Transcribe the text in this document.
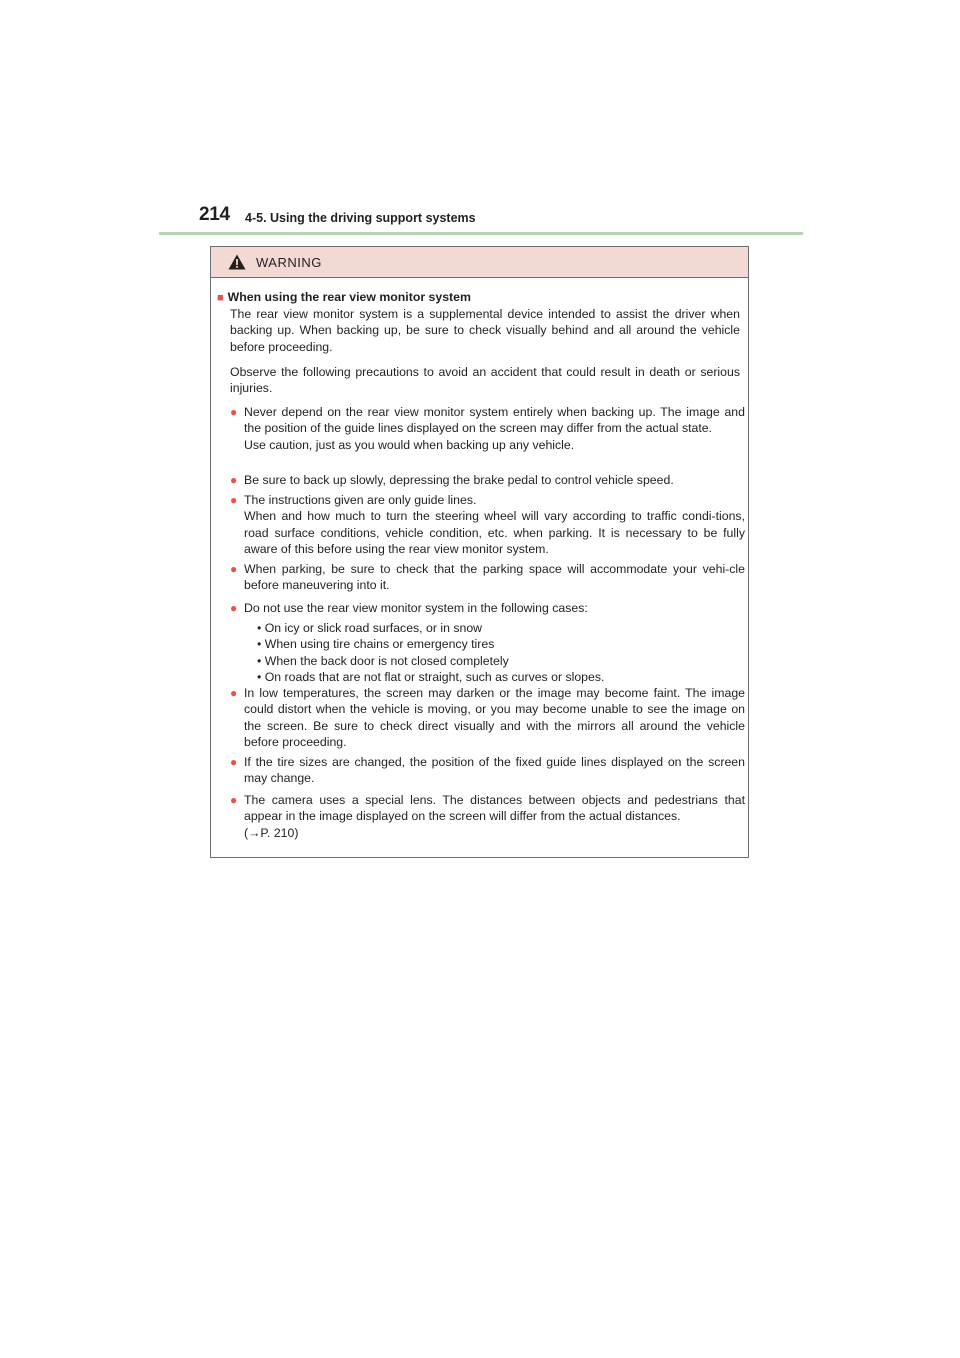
214 4-5. Using the driving support systems
WARNING
■ When using the rear view monitor system
The rear view monitor system is a supplemental device intended to assist the driver when backing up. When backing up, be sure to check visually behind and all around the vehicle before proceeding.
Observe the following precautions to avoid an accident that could result in death or serious injuries.
● Never depend on the rear view monitor system entirely when backing up. The image and the position of the guide lines displayed on the screen may differ from the actual state.
Use caution, just as you would when backing up any vehicle.
● Be sure to back up slowly, depressing the brake pedal to control vehicle speed.
● The instructions given are only guide lines.
When and how much to turn the steering wheel will vary according to traffic condi-tions, road surface conditions, vehicle condition, etc. when parking. It is necessary to be fully aware of this before using the rear view monitor system.
● When parking, be sure to check that the parking space will accommodate your vehi-cle before maneuvering into it.
● Do not use the rear view monitor system in the following cases:
• On icy or slick road surfaces, or in snow
• When using tire chains or emergency tires
• When the back door is not closed completely
• On roads that are not flat or straight, such as curves or slopes.
● In low temperatures, the screen may darken or the image may become faint. The image could distort when the vehicle is moving, or you may become unable to see the image on the screen. Be sure to check direct visually and with the mirrors all around the vehicle before proceeding.
● If the tire sizes are changed, the position of the fixed guide lines displayed on the screen may change.
● The camera uses a special lens. The distances between objects and pedestrians that appear in the image displayed on the screen will differ from the actual distances.
(→P. 210)
